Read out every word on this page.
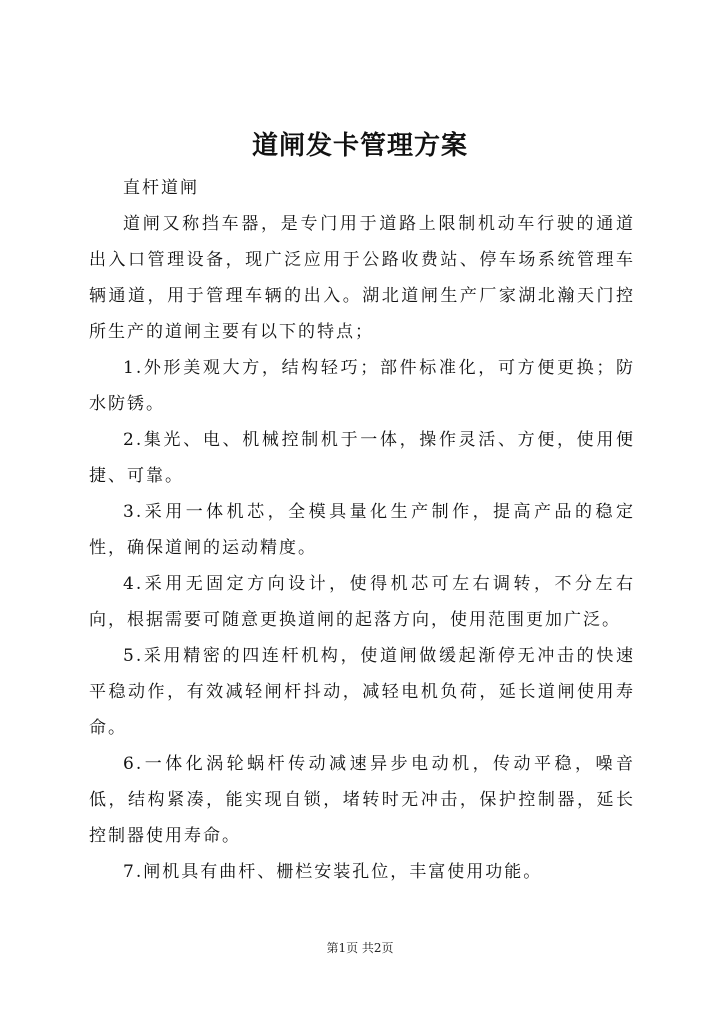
道闸发卡管理方案

直杆道闸

道闸又称挡车器，是专门用于道路上限制机动车行驶的通道出入口管理设备，现广泛应用于公路收费站、停车场系统管理车辆通道，用于管理车辆的出入。湖北道闸生产厂家湖北瀚天门控所生产的道闸主要有以下的特点；

1.外形美观大方，结构轻巧；部件标准化，可方便更换；防水防锈。

2.集光、电、机械控制机于一体，操作灵活、方便，使用便捷、可靠。

3.采用一体机芯，全模具量化生产制作，提高产品的稳定性，确保道闸的运动精度。

4.采用无固定方向设计，使得机芯可左右调转，不分左右向，根据需要可随意更换道闸的起落方向，使用范围更加广泛。

5.采用精密的四连杆机构，使道闸做缓起渐停无冲击的快速平稳动作，有效减轻闸杆抖动，减轻电机负荷，延长道闸使用寿命。

6.一体化涡轮蜗杆传动减速异步电动机，传动平稳，噪音低，结构紧凑，能实现自锁，堵转时无冲击，保护控制器，延长控制器使用寿命。

7.闸机具有曲杆、栅栏安装孔位，丰富使用功能。

第1页 共2页
